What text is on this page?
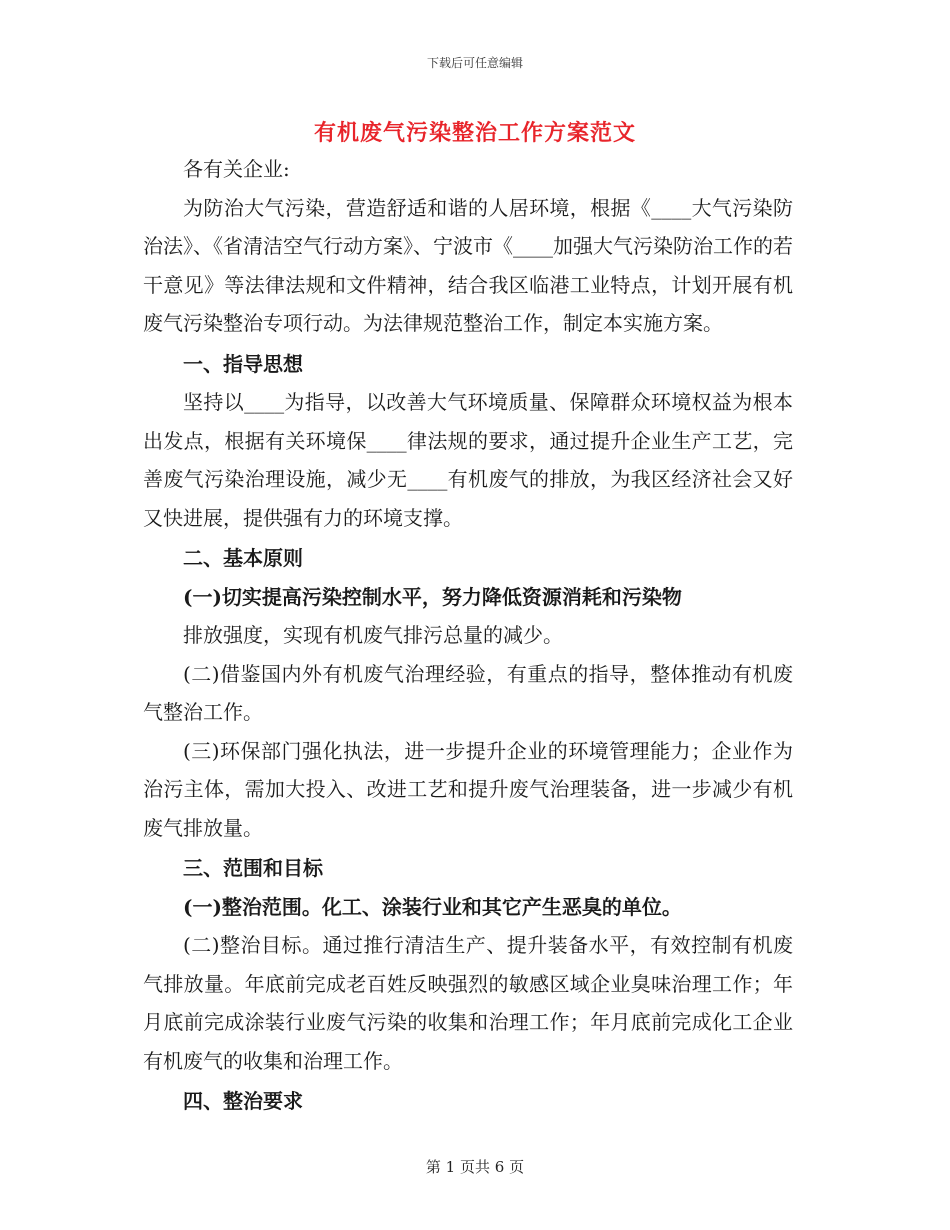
下载后可任意编辑
有机废气污染整治工作方案范文

各有关企业:

为防治大气污染，营造舒适和谐的人居环境，根据《____大气污染防治法》、《省清洁空气行动方案》、宁波市《____加强大气污染防治工作的若干意见》等法律法规和文件精神，结合我区临港工业特点，计划开展有机废气污染整治专项行动。为法律规范整治工作，制定本实施方案。

一、指导思想

坚持以____为指导，以改善大气环境质量、保障群众环境权益为根本出发点，根据有关环境保____律法规的要求，通过提升企业生产工艺，完善废气污染治理设施，减少无____有机废气的排放，为我区经济社会又好又快进展，提供强有力的环境支撑。

二、基本原则

(一)切实提高污染控制水平，努力降低资源消耗和污染物

排放强度，实现有机废气排污总量的减少。

(二)借鉴国内外有机废气治理经验，有重点的指导，整体推动有机废气整治工作。

(三)环保部门强化执法，进一步提升企业的环境管理能力；企业作为治污主体，需加大投入、改进工艺和提升废气治理装备，进一步减少有机废气排放量。

三、范围和目标

(一)整治范围。化工、涂装行业和其它产生恶臭的单位。

(二)整治目标。通过推行清洁生产、提升装备水平，有效控制有机废气排放量。年底前完成老百姓反映强烈的敏感区域企业臭味治理工作；年月底前完成涂装行业废气污染的收集和治理工作；年月底前完成化工企业有机废气的收集和治理工作。

四、整治要求

第 1 页共 6 页
